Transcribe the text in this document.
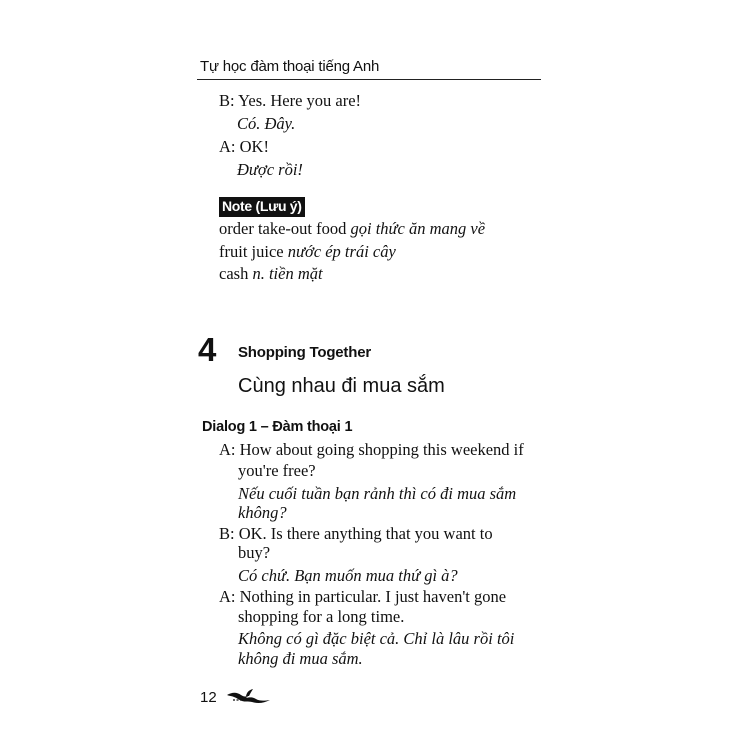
Tự học đàm thoại tiếng Anh
B: Yes. Here you are!
Có. Đây.
A: OK!
Được rồi!
Note (Lưu ý)
order take-out food gọi thức ăn mang về
fruit juice nước ép trái cây
cash n. tiền mặt
4 Shopping Together
Cùng nhau đi mua sắm
Dialog 1 – Đàm thoại 1
A: How about going shopping this weekend if
you're free?
Nếu cuối tuần bạn rảnh thì có đi mua sắm
không?
B: OK. Is there anything that you want to
buy?
Có chứ. Bạn muốn mua thứ gì à?
A: Nothing in particular. I just haven't gone
shopping for a long time.
Không có gì đặc biệt cả. Chỉ là lâu rồi tôi
không đi mua sắm.
12
